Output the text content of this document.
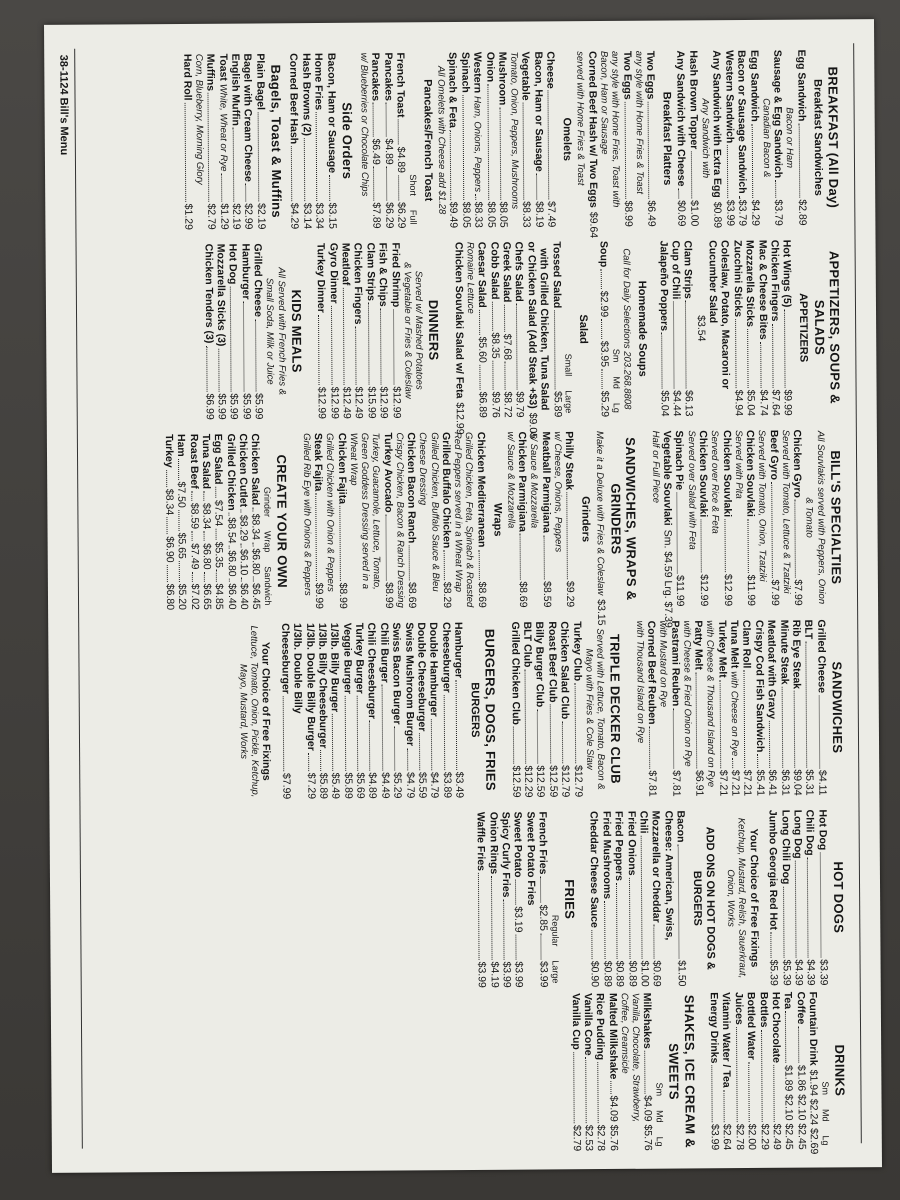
BREAKFAST (All Day)
Breakfast Sandwiches
Egg Sandwich
$2.89
Bacon or Ham
Sausage & Egg Sandwich
$3.79
Canadian Bacon &
Egg Sandwich
$4.29
Bacon or Sausage Sandwich
$3.79
Western Sandwich
$3.99
Any Sandwich with Extra Egg
$0.89
Any Sandwich with
Hash Brown Topper
$1.00
Any Sandwich with Cheese
$0.69
Breakfast Platters
Two Eggs
$6.49
any style with Home Fries & Toast
Two Eggs
$8.99
any style with Home Fries, Toast with Bacon, Ham or Sausage
Corned Beef Hash w/ Two Eggs
$9.64
served with Home Fries & Toast
Omelets
Cheese
$7.49
Bacon, Ham or Sausage
$8.19
Vegetable
$8.33
Tomato, Onion, Peppers, Mushrooms
Mushroom
$8.05
Onion
$8.05
Western

Ham, Onions, Peppers
$8.33
Spinach
$8.05
Spinach & Feta
$9.49
All Omelets with Cheese add $1.28
Pancakes/French Toast
Short
Full
French Toast
$4.89
$6.29
Pancakes
$4.89
$6.29
Pancakes
$6.49
$7.89
w/ Blueberries or Chocolate Chips
Side Orders
Bacon, Ham or Sausage
$3.15
Home Fries
$3.34
Hash Browns (2)
$3.14
Corned Beef Hash
$4.29
Bagels, Toast & Muffins
Plain Bagel
$2.19
Bagel with Cream Cheese
$2.99
English Muffin
$2.19
Toast

White, Wheat or Rye
$1.29
Muffins
$2.79
Corn, Blueberry, Morning Glory
Hard Roll
$1.29
APPETIZERS, SOUPS & SALADS
APPETIZERS
Hot Wings (5)
$9.99
Chicken Fingers
$7.64
Mac & Cheese Bites
$4.74
Mozzarella Sticks
$5.04
Zucchini Sticks
$4.94
Coleslaw, Potato, Macaroni or Cucumber Salad
$3.54
Clam Strips
$6.13
Cup of Chili
$4.44
Jalapeño Poppers
$5.04
Homemade Soups
Call for Daily Selections 203.268.8808
Sm
Md
Lg
Soup
$2.99
$3.95
$5.29
Salad
Small
Large
Tossed Salad
$5.89
with Grilled Chicken, Tuna Salad
or Chicken Salad (Add Steak +$3)
$9.05
Chefs Salad
$9.79
Greek Salad
$7.68
$8.72
Cobb Salad
$8.35
$9.76
Caesar Salad
$5.60
$6.89
Romaine Lettuce
Chicken Souvlaki Salad w/ Feta
$12.99
DINNERS
Served w/ Mashed Potatoes
& Vegetable or Fries & Coleslaw
Fried Shrimp
$12.99
Fish & Chips
$12.99
Clam Strips
$15.99
Chicken Fingers
$12.49
Meatloaf
$12.49
Gyro Dinner
$12.99
Turkey Dinner
$12.99
KIDS MEALS
All Served with French Fries &
Small Soda, Milk or Juice
Grilled Cheese
$5.99
Hamburger
$5.99
Hot Dog
$5.99
Mozzarella Sticks (3)
$5.99
Chicken Tenders (3)
$6.99
BILL'S SPECIALTIES
All Souvlakis served with Peppers, Onion & Tomato
Chicken Gyro
$7.99
Served with Tomato, Lettuce & Tzatziki
Beef Gyro
$7.99
Served with Tomato, Onion, Tzatziki
Chicken Souvlaki
$11.99
Served with Pita
Chicken Souvlaki
$12.99
Served over Rice & Feta
Chicken Souvlaki
$12.99
Served over Salad with Feta
Spinach Pie
$11.99
Vegetable Souvlaki
Sm. $4.59 Lrg. $7.39
Half or Full Piece
SANDWICHES, WRAPS & GRINDERS
Make it a Deluxe with Fries & Coleslaw
$3.15
Grinders
Philly Steak
$9.29
w/ Cheese, Onions, Peppers
Meatball Parmigiana
$8.59
w/ Sauce & Mozzarella
Chicken Parmigiana
$8.69
w/ Sauce & Mozzarella
Wraps
Chicken Mediterranean
$8.69
Grilled Chicken, Feta, Spinach & Roasted Red Peppers served in a Wheat Wrap
Grilled Buffalo Chicken
$8.29
Grilled Chicken, Buffalo Sauce & Bleu Cheese Dressing
Chicken Bacon Ranch
$8.69
Crispy Chicken, Bacon & Ranch Dressing
Turkey Avocado
$8.99
Turkey, Guacamole, Lettuce, Tomato, Green Goddess Dressing served in a Wheat Wrap
Chicken Fajita
$8.99
Grilled Chicken with Onion & Peppers
Steak Fajita
$9.99
Grilled Rib Eye with Onions & Peppers
CREATE YOUR OWN
Grinder
Wrap
Sandwich
Chicken Salad
$8.34
$6.80
$6.45
Chicken Cutlet
$8.29
$6.10
$6.40
Grilled Chicken
$8.54
$6.80
$6.40
Egg Salad
$7.54
$5.35
$4.85
Tuna Salad
$8.34
$6.80
$6.65
Roast Beef
$8.59
$7.49
$7.02
Ham
$7.50
$5.65
$5.20
Turkey
$8.34
$6.90
$6.80
SANDWICHES
Grilled Cheese
$4.11
BLT
$5.31
Rib Eye Steak
$9.04
Minute Steak
$6.31
Meatloaf with Gravy
$6.41
Crispy Cod Fish Sandwich
$5.41
Clam Roll
$7.21
Tuna Melt

with Cheese on Rye
$7.21
Turkey Melt
$7.21
with Cheese & Thousand Island on Rye
Patty Melt
$6.91
with Cheese & Fried Onion on Rye
Pastrami Reuben
$7.81
with Mustard on Rye
Corned Beef Reuben
$7.81
with Thousand Island on Rye
TRIPLE DECKER CLUB
Served with Lettuce, Tomato, Bacon &
Mayo with Fries & Cole Slaw
Turkey Club
$12.79
Chicken Salad Club
$12.79
Roast Beef Club
$12.59
Billy Burger Club
$12.59
BLT Club
$12.29
Grilled Chicken Club
$12.59
BURGERS, DOGS, FRIES
BURGERS
Hamburger
$3.49
Cheeseburger
$3.89
Double Hamburger
$4.79
Double Cheeseburger
$5.59
Swiss Mushroom Burger
$4.79
Swiss Bacon Burger
$5.29
Chili Burger
$4.49
Chili Cheeseburger
$4.89
Turkey Burger
$5.69
Veggie Burger
$5.89
1/3lb. Billy Burger
$5.49
1/3lb. Billy Cheeseburger
$5.89
1/3lb. Double Billy Burger
$7.29
1/3lb. Double Billy
Cheeseburger
$7.99
Your Choice of Free Fixings
Lettuce, Tomato, Onion, Pickle, Ketchup, Mayo, Mustard, Works
HOT DOGS
Hot Dog
$3.39
Chili Dog
$4.39
Long Dog
$4.39
Long Chili Dog
$5.39
Jumbo Georgia Red Hot
$5.39
Your Choice of Free Fixings
Ketchup, Mustard, Relish, Sauerkraut, Onion, Works
ADD ONS ON HOT DOGS & BURGERS
Bacon
$1.50
Cheese: American, Swiss,
Mozzarella or Cheddar
$0.69
Chili
$1.00
Fried Onions
$0.89
Fried Peppers
$0.89
Fried Mushrooms
$0.89
Cheddar Cheese Sauce
$0.90
FRIES
Regular
Large
French Fries
$2.85
$3.99
Sweet Potato Fries
Sweet Potato
$3.19
$3.99
Spicy Curly Fries
$3.99
Onion Rings
$4.19
Waffle Fries
$3.99
DRINKS
Sm
Md
Lg
Fountain Drink
$1.94 $2.24 $2.69
Coffee
$1.86 $2.10 $2.45
Tea
$1.89 $2.10 $2.45
Hot Chocolate
$2.49
Bottles
$2.29
Bottled Water
$2.00
Juices
$2.78
Vitamin Water / Tea
$2.64
Energy Drinks
$3.99
SHAKES, ICE CREAM & SWEETS
Sm
Md
Lg
Milkshakes
$4.09 $5.76
Vanilla, Chocolate, Strawberry, Coffee, Creamsicle
Malted Milkshake
$4.09 $5.76
Rice Pudding
$2.78
Vanilla Cone
$2.53
Vanilla Cup
$2.79
38-1124 Bill's Menu
